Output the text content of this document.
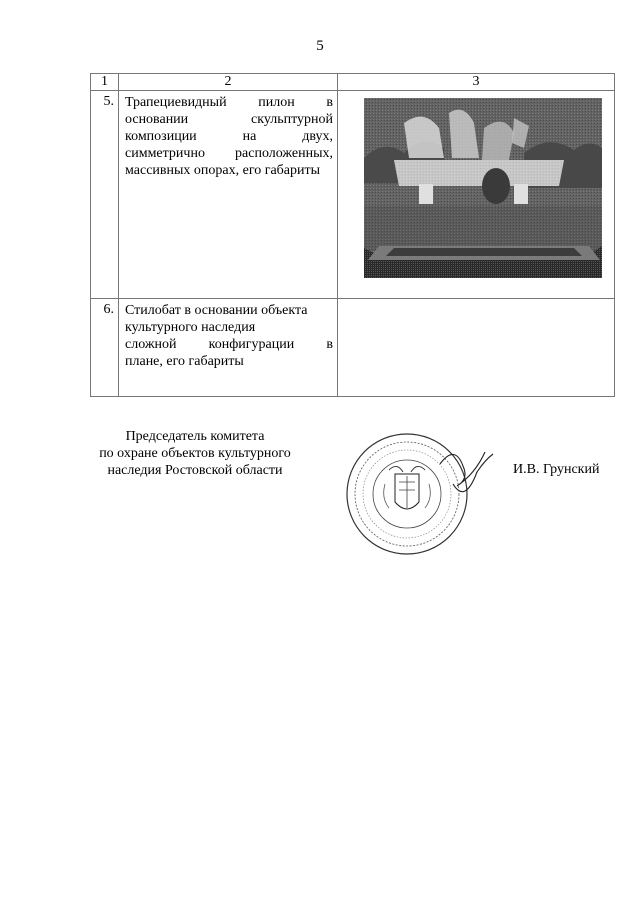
5
1	2	3
5.	Трапециевидный пилон в
основании скульптурной
композиции на двух,
симметрично расположенных,
массивных опорах, его габариты

6.	Стилобат в основании объекта
культурного наследия
сложной конфигурации в
плане, его габариты	

Председатель комитета
по охране объектов культурного
наследия Ростовской области	И.В. Грунский
